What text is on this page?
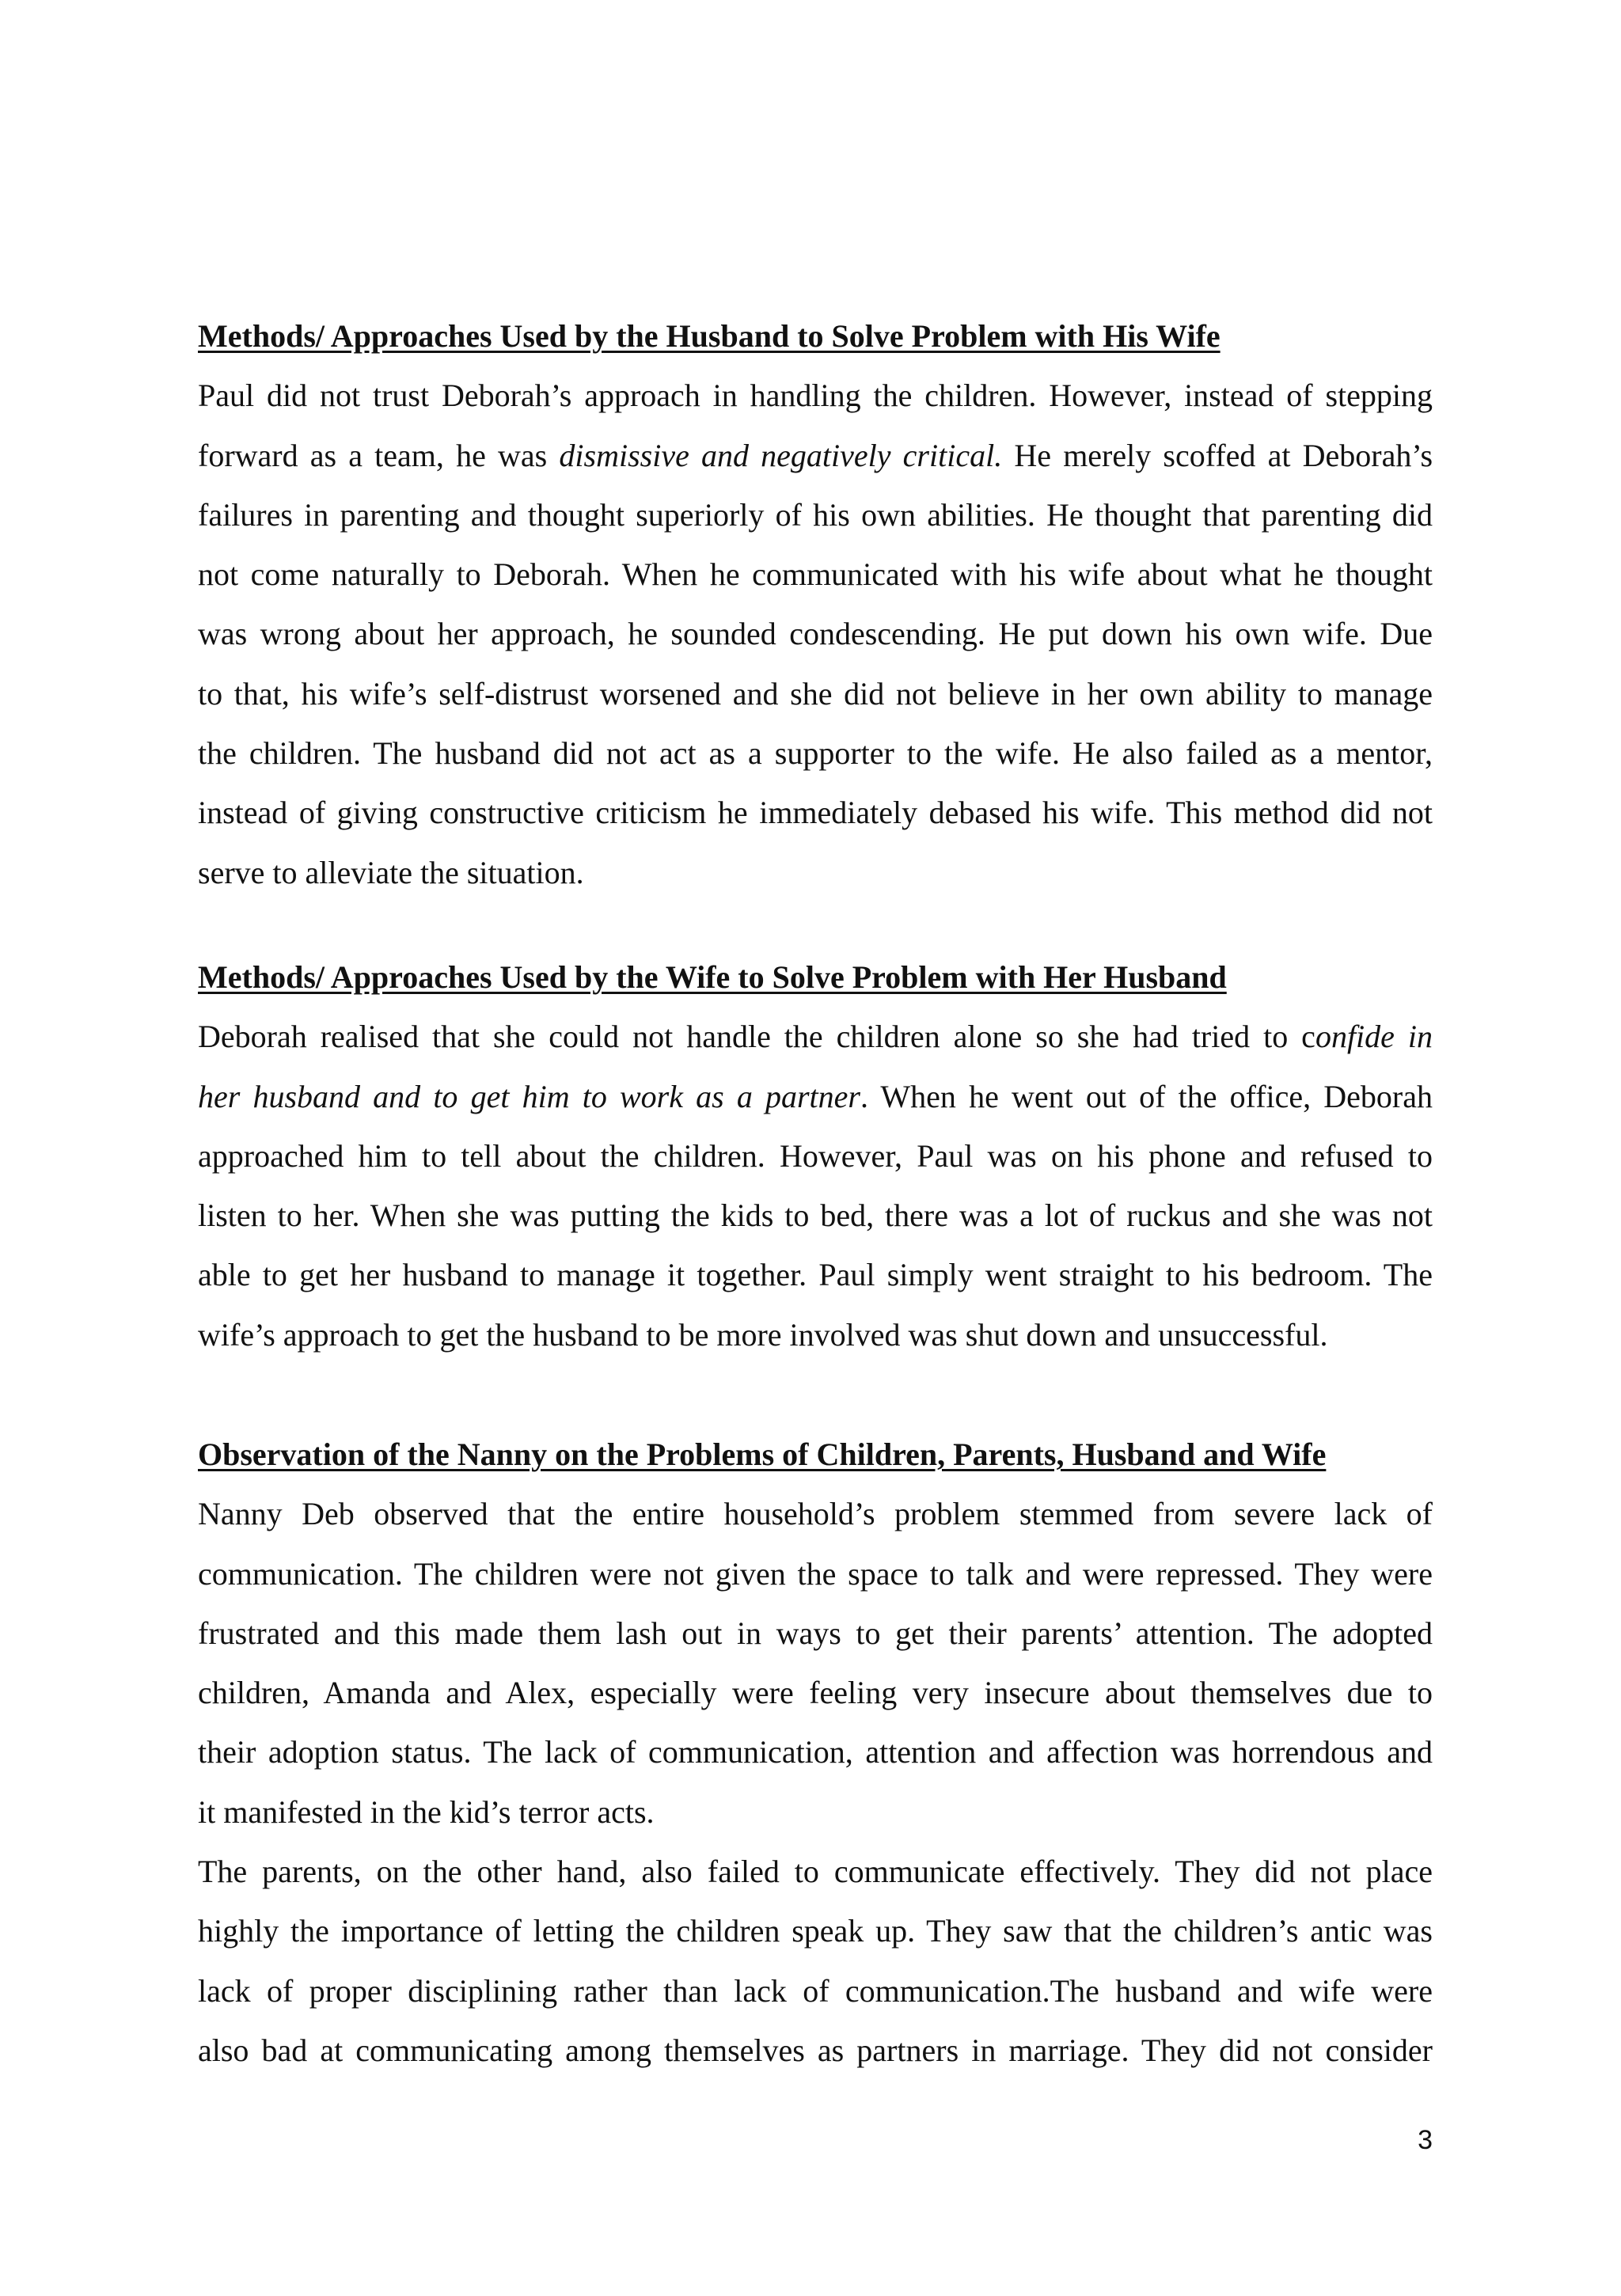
Methods/ Approaches Used by the Husband to Solve Problem with His Wife
Paul did not trust Deborah’s approach in handling the children. However, instead of stepping
forward as a team, he was dismissive and negatively critical. He merely scoffed at Deborah’s
failures in parenting and thought superiorly of his own abilities. He thought that parenting did
not come naturally to Deborah. When he communicated with his wife about what he thought
was wrong about her approach, he sounded condescending. He put down his own wife. Due
to that, his wife’s self-distrust worsened and she did not believe in her own ability to manage
the children. The husband did not act as a supporter to the wife. He also failed as a mentor,
instead of giving constructive criticism he immediately debased his wife. This method did not
serve to alleviate the situation.
Methods/ Approaches Used by the Wife to Solve Problem with Her Husband
Deborah realised that she could not handle the children alone so she had tried to confide in
her husband and to get him to work as a partner. When he went out of the office, Deborah
approached him to tell about the children. However, Paul was on his phone and refused to
listen to her. When she was putting the kids to bed, there was a lot of ruckus and she was not
able to get her husband to manage it together. Paul simply went straight to his bedroom. The
wife’s approach to get the husband to be more involved was shut down and unsuccessful.
Observation of the Nanny on the Problems of Children, Parents, Husband and Wife
Nanny Deb observed that the entire household’s problem stemmed from severe lack of
communication. The children were not given the space to talk and were repressed. They were
frustrated and this made them lash out in ways to get their parents’ attention. The adopted
children, Amanda and Alex, especially were feeling very insecure about themselves due to
their adoption status. The lack of communication, attention and affection was horrendous and
it manifested in the kid’s terror acts.
The parents, on the other hand, also failed to communicate effectively. They did not place
highly the importance of letting the children speak up. They saw that the children’s antic was
lack of proper disciplining rather than lack of communication.The husband and wife were
also bad at communicating among themselves as partners in marriage. They did not consider
3
